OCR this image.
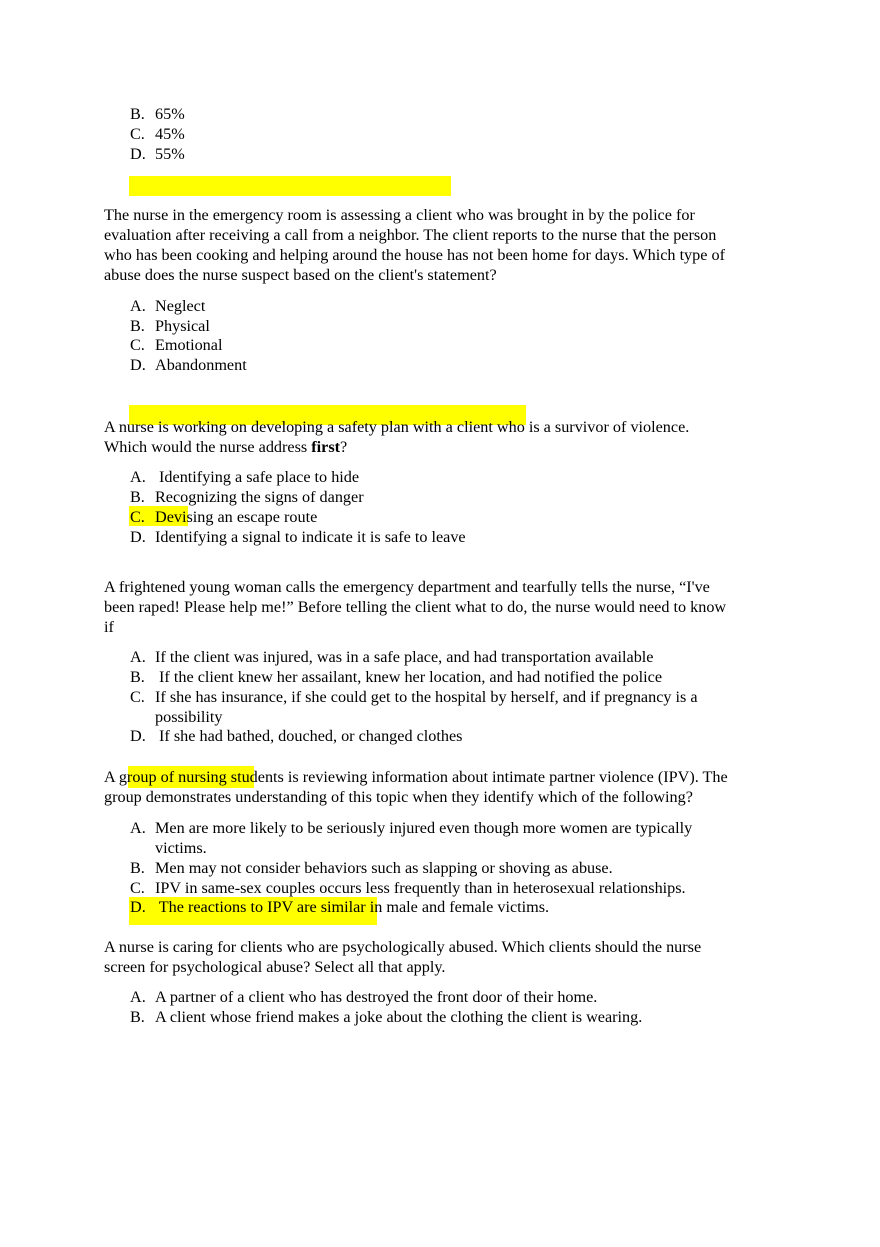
B. 65%
C. 45%
D. 55%
The nurse in the emergency room is assessing a client who was brought in by the police for
evaluation after receiving a call from a neighbor. The client reports to the nurse that the person
who has been cooking and helping around the house has not been home for days. Which type of
abuse does the nurse suspect based on the client's statement?
A. Neglect
B. Physical
C. Emotional
D. Abandonment
A nurse is working on developing a safety plan with a client who is a survivor of violence.
Which would the nurse address first?
A. Identifying a safe place to hide
B. Recognizing the signs of danger
C. Devising an escape route
D. Identifying a signal to indicate it is safe to leave
A frightened young woman calls the emergency department and tearfully tells the nurse, “I've
been raped! Please help me!” Before telling the client what to do, the nurse would need to know
if
A. If the client was injured, was in a safe place, and had transportation available
B. If the client knew her assailant, knew her location, and had notified the police
C. If she has insurance, if she could get to the hospital by herself, and if pregnancy is a possibility
D. If she had bathed, douched, or changed clothes
A group of nursing students is reviewing information about intimate partner violence (IPV). The
group demonstrates understanding of this topic when they identify which of the following?
A. Men are more likely to be seriously injured even though more women are typically victims.
B. Men may not consider behaviors such as slapping or shoving as abuse.
C. IPV in same-sex couples occurs less frequently than in heterosexual relationships.
D. The reactions to IPV are similar in male and female victims.
A nurse is caring for clients who are psychologically abused. Which clients should the nurse
screen for psychological abuse? Select all that apply.
A. A partner of a client who has destroyed the front door of their home.
B. A client whose friend makes a joke about the clothing the client is wearing.
